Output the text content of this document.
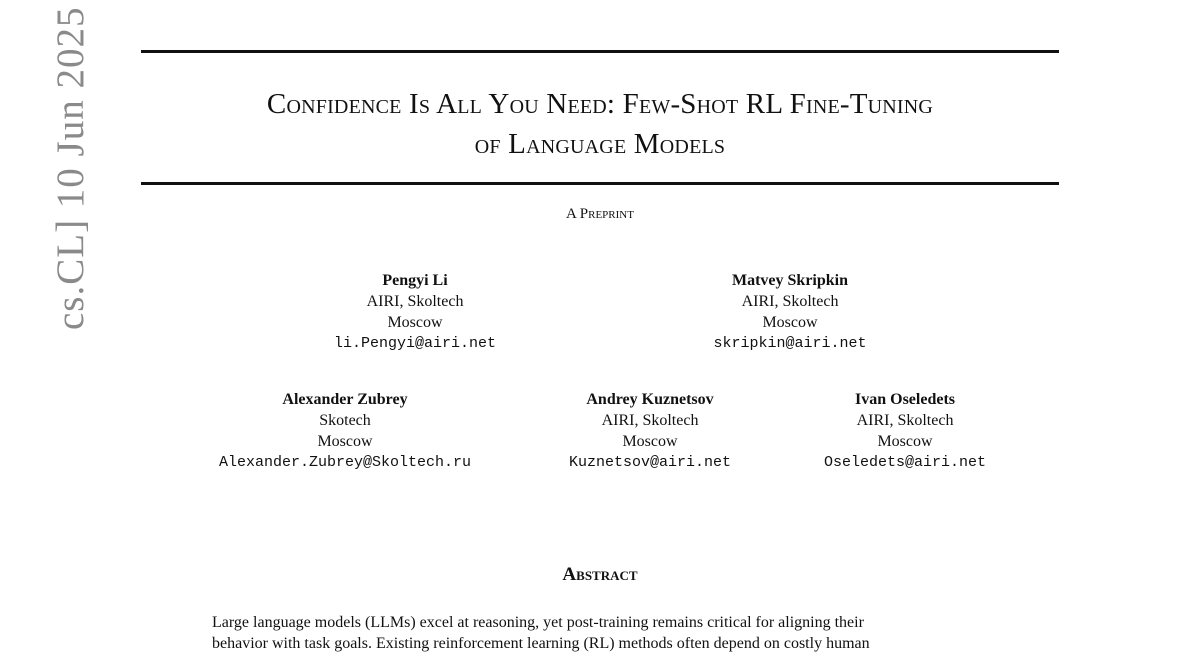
Confidence Is All You Need: Few-Shot RL Fine-Tuning
of Language Models
A Preprint
Pengyi Li
AIRI, Skoltech
Moscow
li.Pengyi@airi.net
Matvey Skripkin
AIRI, Skoltech
Moscow
skripkin@airi.net
Alexander Zubrey
Skotech
Moscow
Alexander.Zubrey@Skoltech.ru
Andrey Kuznetsov
AIRI, Skoltech
Moscow
Kuznetsov@airi.net
Ivan Oseledets
AIRI, Skoltech
Moscow
Oseledets@airi.net
Abstract
Large language models (LLMs) excel at reasoning, yet post-training remains critical for aligning their
behavior with task goals. Existing reinforcement learning (RL) methods often depend on costly human
cs.CL] 10 Jun 2025
